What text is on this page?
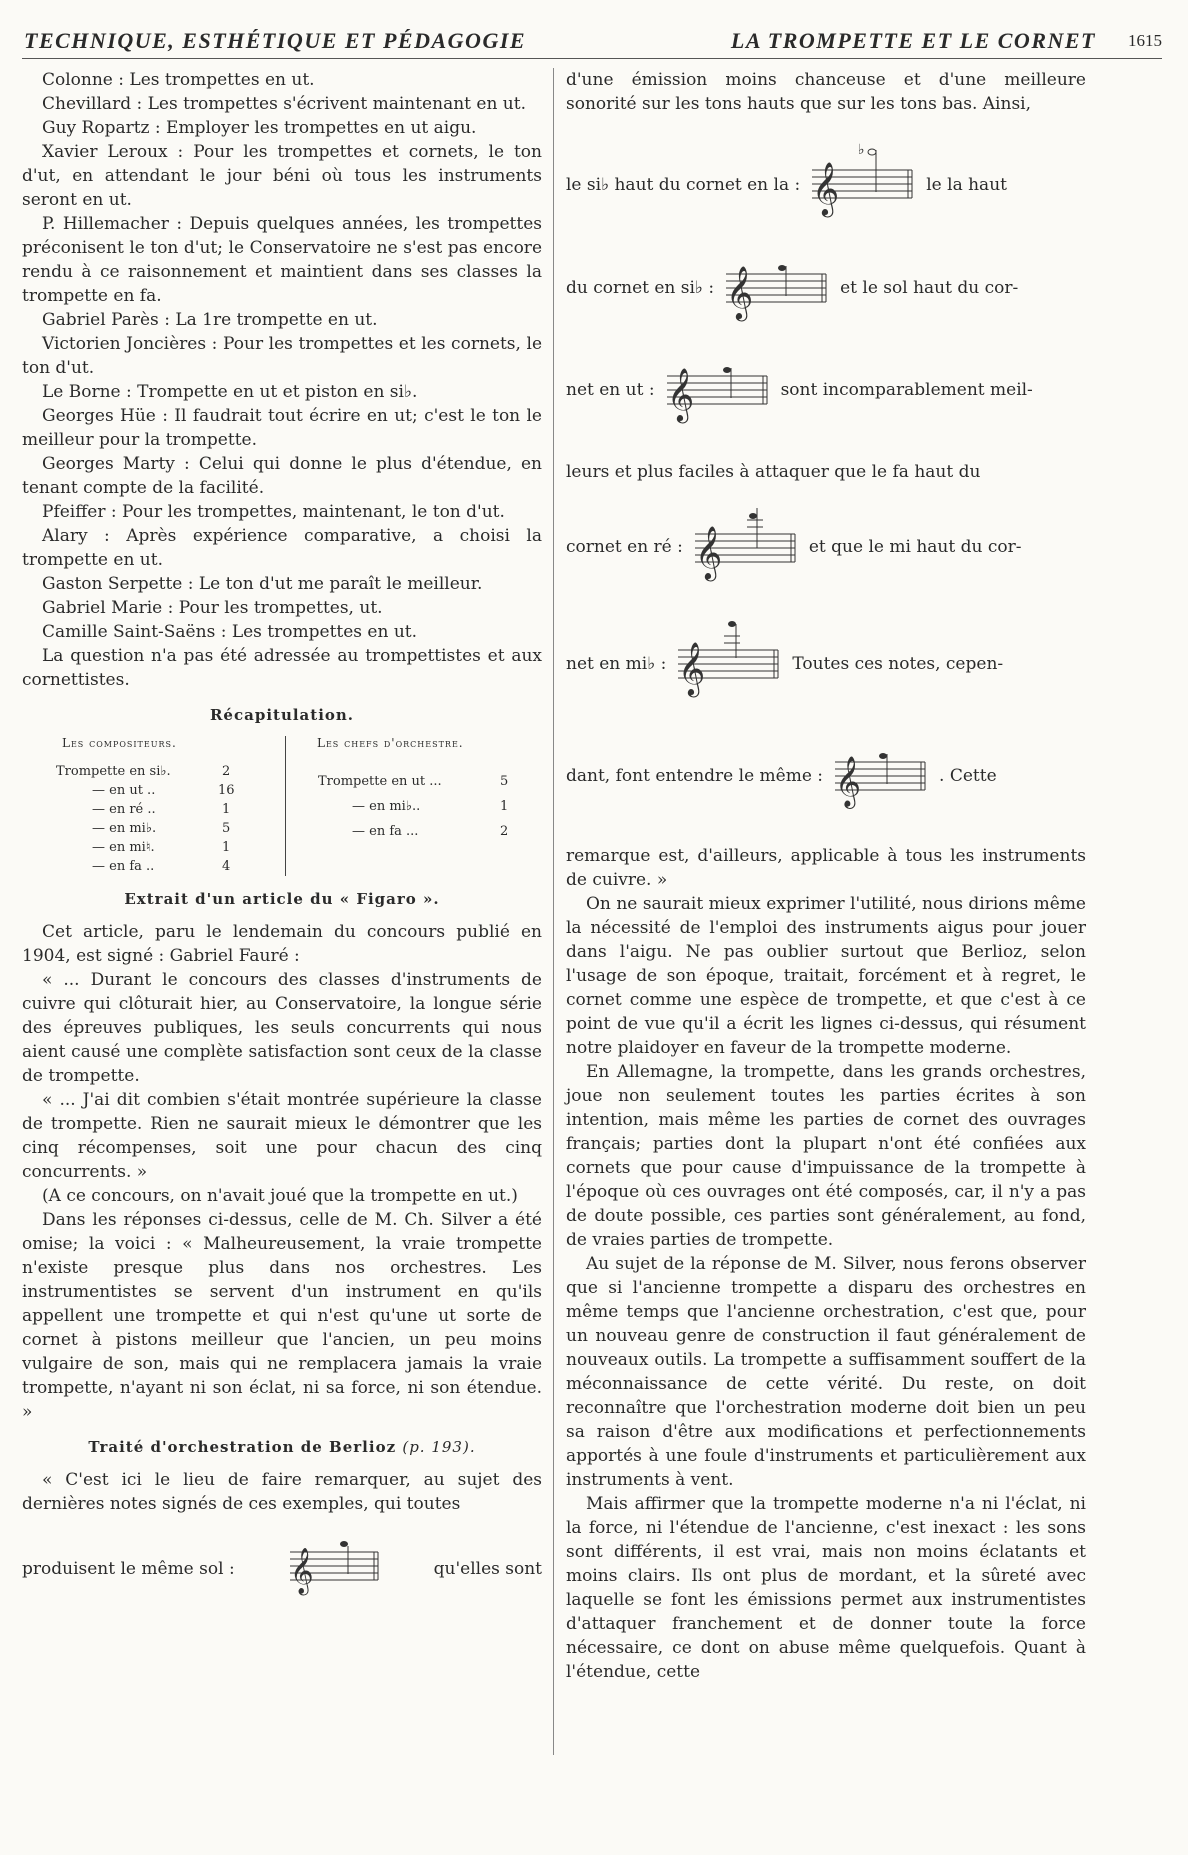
TECHNIQUE, ESTHÉTIQUE ET PÉDAGOGIE	LA TROMPETTE ET LE CORNET 1615

Colonne : Les trompettes en ut.

Chevillard : Les trompettes s'écrivent maintenant en ut.

Guy Ropartz : Employer les trompettes en ut aigu.

Xavier Leroux : Pour les trompettes et cornets, le ton d'ut, en attendant le jour béni où tous les instruments seront en ut.

P. Hillemacher : Depuis quelques années, les trompettes préconisent le ton d'ut; le Conservatoire ne s'est pas encore rendu à ce raisonnement et maintient dans ses classes la trompette en fa.

Gabriel Parès : La 1re trompette en ut.

Victorien Joncières : Pour les trompettes et les cornets, le ton d'ut.

Le Borne : Trompette en ut et piston en si♭.

Georges Hüe : Il faudrait tout écrire en ut; c'est le ton le meilleur pour la trompette.

Georges Marty : Celui qui donne le plus d'étendue, en tenant compte de la facilité.

Pfeiffer : Pour les trompettes, maintenant, le ton d'ut.

Alary : Après expérience comparative, a choisi la trompette en ut.

Gaston Serpette : Le ton d'ut me paraît le meilleur.

Gabriel Marie : Pour les trompettes, ut.

Camille Saint-Saëns : Les trompettes en ut.

La question n'a pas été adressée au trompettistes et aux cornettistes.

Récapitulation.
Les compositeurs.	Les chefs d'orchestre.
Trompette en si♭.	2
— en ut ..	16
— en ré ..	1
— en mi♭.	5
— en mi♮.	1
— en fa ..	4
Trompette en ut ...	5
— en mi♭..	1
— en fa ...	2
Extrait d'un article du « Figaro ».

Cet article, paru le lendemain du concours publié en 1904, est signé : Gabriel Fauré :

« ... Durant le concours des classes d'instruments de cuivre qui clôturait hier, au Conservatoire, la longue série des épreuves publiques, les seuls concurrents qui nous aient causé une complète satisfaction sont ceux de la classe de trompette.

« ... J'ai dit combien s'était montrée supérieure la classe de trompette. Rien ne saurait mieux le démontrer que les cinq récompenses, soit une pour chacun des cinq concurrents. »

(A ce concours, on n'avait joué que la trompette en ut.)

Dans les réponses ci-dessus, celle de M. Ch. Silver a été omise; la voici : « Malheureusement, la vraie trompette n'existe presque plus dans nos orchestres. Les instrumentistes se servent d'un instrument en qu'ils appellent une trompette et qui n'est qu'une ut sorte de cornet à pistons meilleur que l'ancien, un peu moins vulgaire de son, mais qui ne remplacera jamais la vraie trompette, n'ayant ni son éclat, ni sa force, ni son étendue. »

Traité d'orchestration de Berlioz (p. 193).

« C'est ici le lieu de faire remarquer, au sujet des dernières notes signés de ces exemples, qui toutes

produisent le même sol : 𝄞	qu'elles sont

d'une émission moins chanceuse et d'une meilleure sonorité sur les tons hauts que sur les tons bas. Ainsi,

le si♭ haut du cornet en la : 𝄞
♭
le la haut
du cornet en si♭ : 𝄞	et le sol haut du cor-
net en ut : 𝄞	sont incomparablement meil-

leurs et plus faciles à attaquer que le fa haut du

cornet en ré : 𝄞	et que le mi haut du cor-
net en mi♭ : 𝄞	Toutes ces notes, cepen-
dant, font entendre le même : 𝄞	. Cette

remarque est, d'ailleurs, applicable à tous les instruments de cuivre. »

On ne saurait mieux exprimer l'utilité, nous dirions même la nécessité de l'emploi des instruments aigus pour jouer dans l'aigu. Ne pas oublier surtout que Berlioz, selon l'usage de son époque, traitait, forcément et à regret, le cornet comme une espèce de trompette, et que c'est à ce point de vue qu'il a écrit les lignes ci-dessus, qui résument notre plaidoyer en faveur de la trompette moderne.

En Allemagne, la trompette, dans les grands orchestres, joue non seulement toutes les parties écrites à son intention, mais même les parties de cornet des ouvrages français; parties dont la plupart n'ont été confiées aux cornets que pour cause d'impuissance de la trompette à l'époque où ces ouvrages ont été composés, car, il n'y a pas de doute possible, ces parties sont généralement, au fond, de vraies parties de trompette.

Au sujet de la réponse de M. Silver, nous ferons observer que si l'ancienne trompette a disparu des orchestres en même temps que l'ancienne orchestration, c'est que, pour un nouveau genre de construction il faut généralement de nouveaux outils. La trompette a suffisamment souffert de la méconnaissance de cette vérité. Du reste, on doit reconnaître que l'orchestration moderne doit bien un peu sa raison d'être aux modifications et perfectionnements apportés à une foule d'instruments et particulièrement aux instruments à vent.

Mais affirmer que la trompette moderne n'a ni l'éclat, ni la force, ni l'étendue de l'ancienne, c'est inexact : les sons sont différents, il est vrai, mais non moins éclatants et moins clairs. Ils ont plus de mordant, et la sûreté avec laquelle se font les émissions permet aux instrumentistes d'attaquer franchement et de donner toute la force nécessaire, ce dont on abuse même quelquefois. Quant à l'étendue, cette
